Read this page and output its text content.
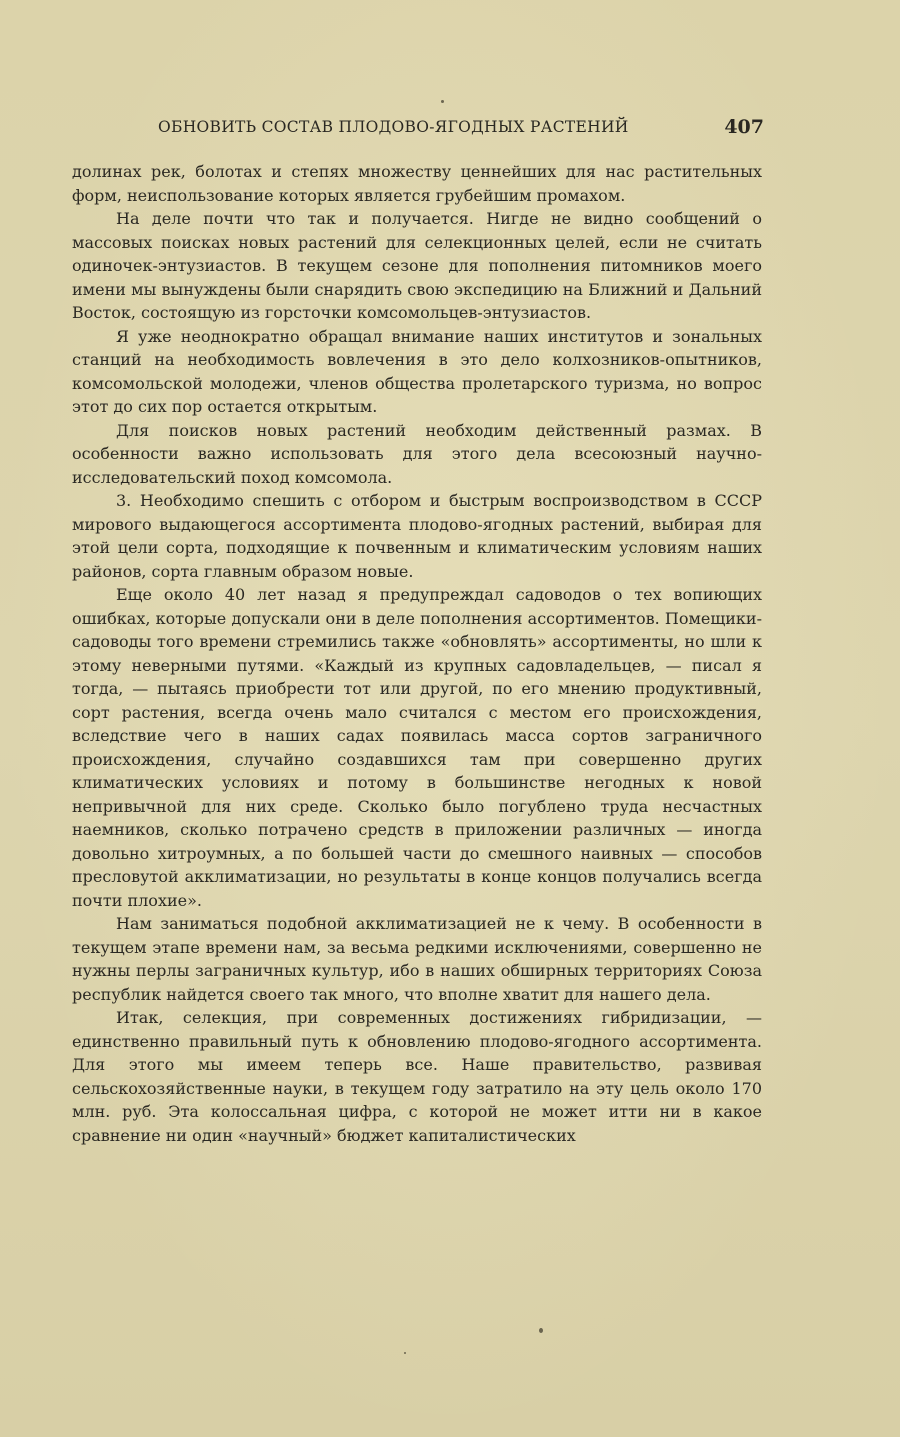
ОБНОВИТЬ СОСТАВ ПЛОДОВО-ЯГОДНЫХ РАСТЕНИЙ	407

долинах рек, болотах и степях множеству ценнейших для нас растительных форм, неиспользование которых является грубейшим промахом.

На деле почти что так и получается. Нигде не видно сообщений о массовых поисках новых растений для селекционных целей, если не считать одиночек-энтузиастов. В текущем сезоне для пополнения питомников моего имени мы вынуждены были снарядить свою экспедицию на Ближний и Дальний Восток, состоящую из горсточки комсомольцев-энтузиастов.

Я уже неоднократно обращал внимание наших институтов и зональных станций на необходимость вовлечения в это дело колхозников-опытников, комсомольской молодежи, членов общества пролетарского туризма, но вопрос этот до сих пор остается открытым.

Для поисков новых растений необходим действенный размах. В особенности важно использовать для этого дела всесоюзный научно-исследовательский поход комсомола.

3. Необходимо спешить с отбором и быстрым воспроизводством в СССР мирового выдающегося ассортимента плодово-ягодных растений, выбирая для этой цели сорта, подходящие к почвенным и климатическим условиям наших районов, сорта главным образом новые.

Еще около 40 лет назад я предупреждал садоводов о тех вопиющих ошибках, которые допускали они в деле пополнения ассортиментов. Помещики-садоводы того времени стремились также «обновлять» ассортименты, но шли к этому неверными путями. «Каждый из крупных садовладельцев, — писал я тогда, — пытаясь приобрести тот или другой, по его мнению продуктивный, сорт растения, всегда очень мало считался с местом его происхождения, вследствие чего в наших садах появилась масса сортов заграничного происхождения, случайно создавшихся там при совершенно других климатических условиях и потому в большинстве негодных к новой непривычной для них среде. Сколько было погублено труда несчастных наемников, сколько потрачено средств в приложении различных — иногда довольно хитроумных, а по большей части до смешного наивных — способов пресловутой акклиматизации, но результаты в конце концов получались всегда почти плохие».

Нам заниматься подобной акклиматизацией не к чему. В особенности в текущем этапе времени нам, за весьма редкими исключениями, совершенно не нужны перлы заграничных культур, ибо в наших обширных территориях Союза республик найдется своего так много, что вполне хватит для нашего дела.

Итак, селекция, при современных достижениях гибридизации, — единственно правильный путь к обновлению плодово-ягодного ассортимента. Для этого мы имеем теперь все. Наше правительство, развивая сельскохозяйственные науки, в текущем году затратило на эту цель около 170 млн. руб. Эта колоссальная цифра, с которой не может итти ни в какое сравнение ни один «научный» бюджет капиталистических
